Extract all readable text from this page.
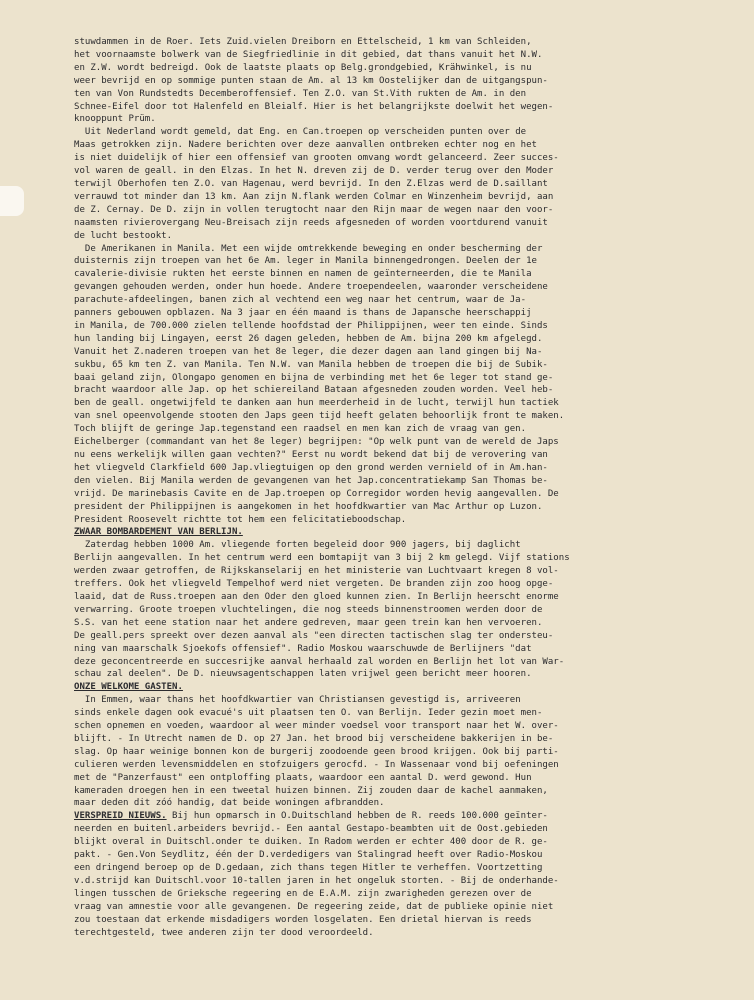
stuwdammen in de Roer. Iets Zuid.vielen Dreiborn en Ettelscheid, 1 km van Schleiden,
het voornaamste bolwerk van de Siegfriedlinie in dit gebied, dat thans vanuit het N.W.
en Z.W. wordt bedreigd. Ook de laatste plaats op Belg.grondgebied, Krähwinkel, is nu
weer bevrijd en op sommige punten staan de Am. al 13 km Oostelijker dan de uitgangspun-
ten van Von Rundstedts Decemberoffensief. Ten Z.O. van St.Vith rukten de Am. in den
Schnee-Eifel door tot Halenfeld en Bleialf. Hier is het belangrijkste doelwit het wegen-
knooppunt Prüm.

Uit Nederland wordt gemeld, dat Eng. en Can.troepen op verscheiden punten over de
Maas getrokken zijn. Nadere berichten over deze aanvallen ontbreken echter nog en het
is niet duidelijk of hier een offensief van grooten omvang wordt gelanceerd. Zeer succes-
vol waren de geall. in den Elzas. In het N. dreven zij de D. verder terug over den Moder
terwijl Oberhofen ten Z.O. van Hagenau, werd bevrijd. In den Z.Elzas werd de D.saillant
verrauwd tot minder dan 13 km. Aan zijn N.flank werden Colmar en Winzenheim bevrijd, aan
de Z. Cernay. De D. zijn in vollen terugtocht naar den Rijn maar de wegen naar den voor-
naamsten rivierovergang Neu-Breisach zijn reeds afgesneden of worden voortdurend vanuit
de lucht bestookt.

De Amerikanen in Manila. Met een wijde omtrekkende beweging en onder bescherming der
duisternis zijn troepen van het 6e Am. leger in Manila binnengedrongen. Deelen der 1e
cavalerie-divisie rukten het eerste binnen en namen de geïnterneerden, die te Manila
gevangen gehouden werden, onder hun hoede. Andere troependeelen, waaronder verscheidene
parachute-afdeelingen, banen zich al vechtend een weg naar het centrum, waar de Ja-
panners gebouwen opblazen. Na 3 jaar en één maand is thans de Japansche heerschappij
in Manila, de 700.000 zielen tellende hoofdstad der Philippijnen, weer ten einde. Sinds
hun landing bij Lingayen, eerst 26 dagen geleden, hebben de Am. bijna 200 km afgelegd.
Vanuit het Z.naderen troepen van het 8e leger, die dezer dagen aan land gingen bij Na-
sukbu, 65 km ten Z. van Manila. Ten N.W. van Manila hebben de troepen die bij de Subik-
baai geland zijn, Olongapo genomen en bijna de verbinding met het 6e leger tot stand ge-
bracht waardoor alle Jap. op het schiereiland Bataan afgesneden zouden worden. Veel heb-
ben de geall. ongetwijfeld te danken aan hun meerderheid in de lucht, terwijl hun tactiek
van snel opeenvolgende stooten den Japs geen tijd heeft gelaten behoorlijk front te maken.
Toch blijft de geringe Jap.tegenstand een raadsel en men kan zich de vraag van gen.
Eichelberger (commandant van het 8e leger) begrijpen: "Op welk punt van de wereld de Japs
nu eens werkelijk willen gaan vechten?" Eerst nu wordt bekend dat bij de verovering van
het vliegveld Clarkfield 600 Jap.vliegtuigen op den grond werden vernield of in Am.han-
den vielen. Bij Manila werden de gevangenen van het Jap.concentratiekamp San Thomas be-
vrijd. De marinebasis Cavite en de Jap.troepen op Corregidor worden hevig aangevallen. De
president der Philippijnen is aangekomen in het hoofdkwartier van Mac Arthur op Luzon.
President Roosevelt richtte tot hem een felicitatieboodschap.

ZWAAR BOMBARDEMENT VAN BERLIJN.

Zaterdag hebben 1000 Am. vliegende forten begeleid door 900 jagers, bij daglicht
Berlijn aangevallen. In het centrum werd een bomtapijt van 3 bij 2 km gelegd. Vijf stations
werden zwaar getroffen, de Rijkskanselarij en het ministerie van Luchtvaart kregen 8 vol-
treffers. Ook het vliegveld Tempelhof werd niet vergeten. De branden zijn zoo hoog opge-
laaid, dat de Russ.troepen aan den Oder den gloed kunnen zien. In Berlijn heerscht enorme
verwarring. Groote troepen vluchtelingen, die nog steeds binnenstroomen werden door de
S.S. van het eene station naar het andere gedreven, maar geen trein kan hen vervoeren.
De geall.pers spreekt over dezen aanval als "een directen tactischen slag ter ondersteu-
ning van maarschalk Sjoekofs offensief". Radio Moskou waarschuwde de Berlijners "dat
deze geconcentreerde en succesrijke aanval herhaald zal worden en Berlijn het lot van War-
schau zal deelen". De D. nieuwsagentschappen laten vrijwel geen bericht meer hooren.

ONZE WELKOME GASTEN.

In Emmen, waar thans het hoofdkwartier van Christiansen gevestigd is, arriveeren
sinds enkele dagen ook evacué's uit plaatsen ten O. van Berlijn. Ieder gezin moet men-
schen opnemen en voeden, waardoor al weer minder voedsel voor transport naar het W. over-
blijft. - In Utrecht namen de D. op 27 Jan. het brood bij verscheidene bakkerijen in be-
slag. Op haar weinige bonnen kon de burgerij zoodoende geen brood krijgen. Ook bij parti-
culieren werden levensmiddelen en stofzuigers gerocfd. - In Wassenaar vond bij oefeningen
met de "Panzerfaust" een ontploffing plaats, waardoor een aantal D. werd gewond. Hun
kameraden droegen hen in een tweetal huizen binnen. Zij zouden daar de kachel aanmaken,
maar deden dit zóó handig, dat beide woningen afbrandden.

VERSPREID NIEUWS. Bij hun opmarsch in O.Duitschland hebben de R. reeds 100.000 geïnter-
neerden en buitenl.arbeiders bevrijd.- Een aantal Gestapo-beambten uit de Oost.gebieden
blijkt overal in Duitschl.onder te duiken. In Radom werden er echter 400 door de R. ge-
pakt. - Gen.Von Seydlitz, één der D.verdedigers van Stalingrad heeft over Radio-Moskou
een dringend beroep op de D.gedaan, zich thans tegen Hitler te verheffen. Voortzetting
v.d.strijd kan Duitschl.voor 10-tallen jaren in het ongeluk storten. - Bij de onderhande-
lingen tusschen de Grieksche regeering en de E.A.M. zijn zwarigheden gerezen over de
vraag van amnestie voor alle gevangenen. De regeering zeide, dat de publieke opinie niet
zou toestaan dat erkende misdadigers worden losgelaten. Een drietal hiervan is reeds
terechtgesteld, twee anderen zijn ter dood veroordeeld.
